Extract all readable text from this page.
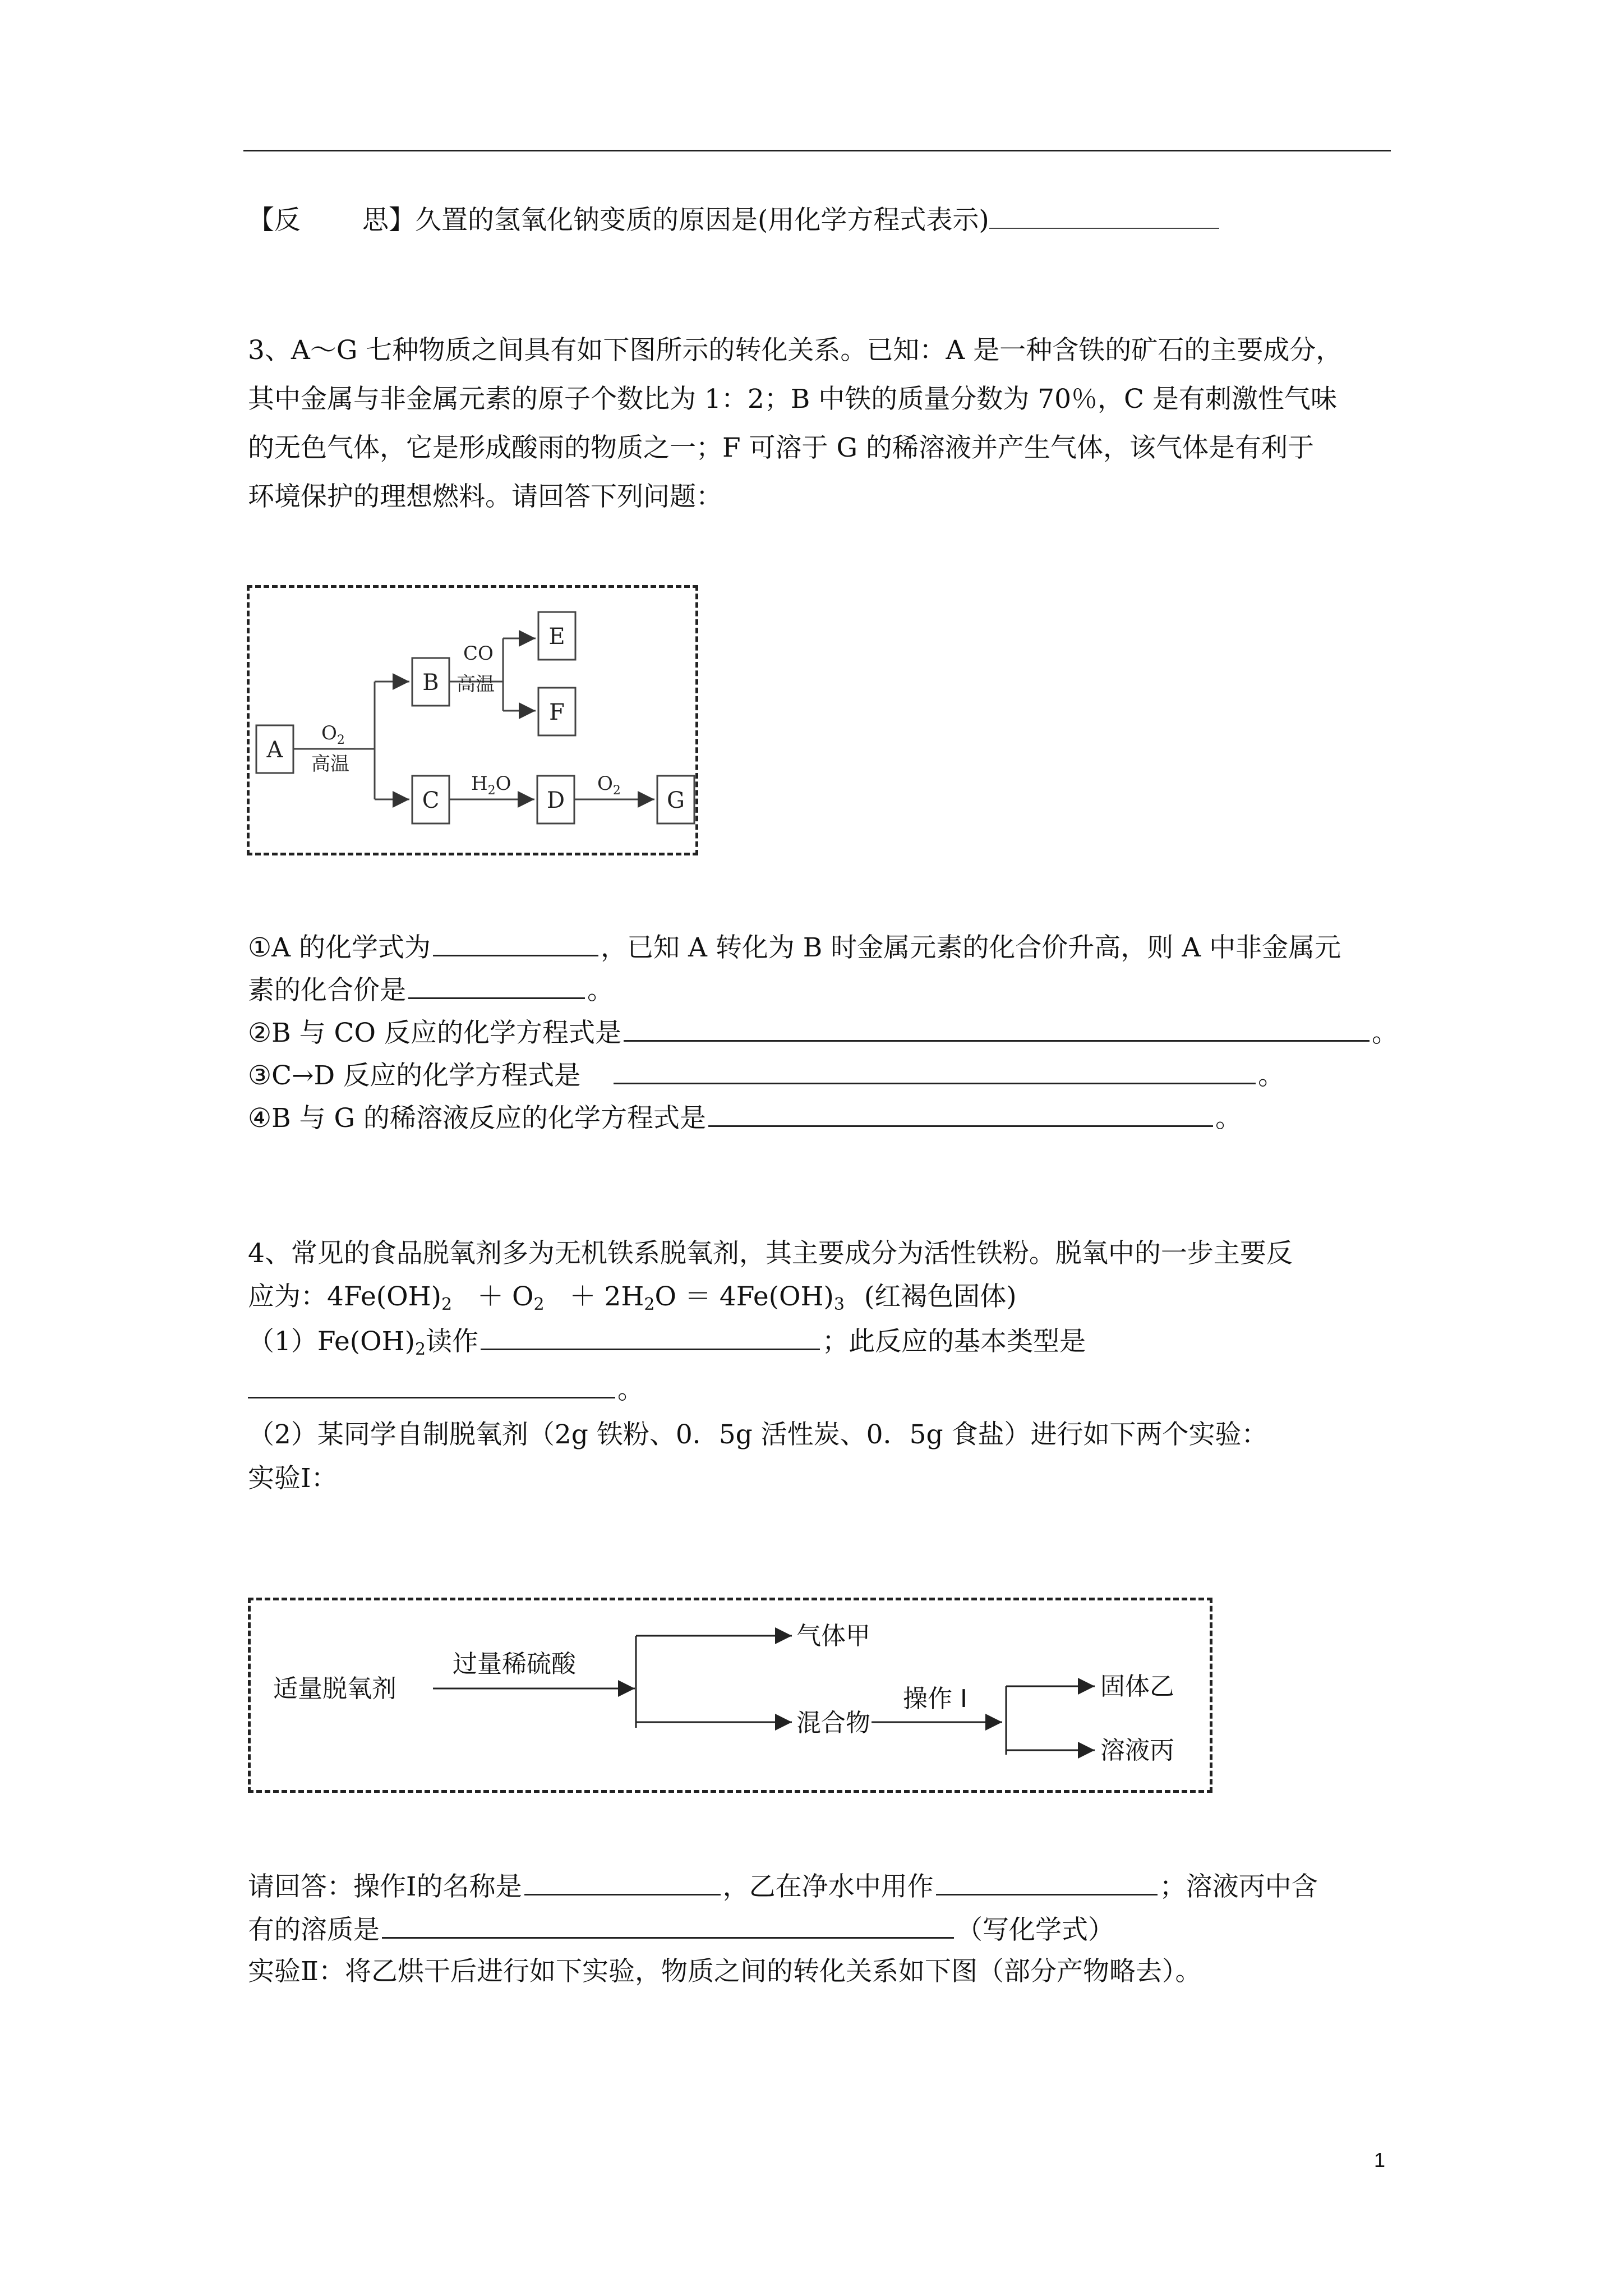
【反 思】久置的氢氧化钠变质的原因是(用化学方程式表示)
3、A～G 七种物质之间具有如下图所示的转化关系。已知：A 是一种含铁的矿石的主要成分，
其中金属与非金属元素的原子个数比为 1：2；B 中铁的质量分数为 70％，C 是有刺激性气味
的无色气体，它是形成酸雨的物质之一；F 可溶于 G 的稀溶液并产生气体，该气体是有利于
环境保护的理想燃料。请回答下列问题：
A
B
C	D
E
F
G
$O_2$
高温
CO
高温
$H_2O$	$O_2$
①A 的化学式为	，已知 A 转化为 B 时金属元素的化合价升高，则 A 中非金属元
素的化合价是	。
②B 与 CO 反应的化学方程式是	。
③C→D 反应的化学方程式是	。
④B 与 G 的稀溶液反应的化学方程式是	。
4、常见的食品脱氧剂多为无机铁系脱氧剂，其主要成分为活性铁粉。脱氧中的一步主要反
应为：$4Fe(OH)_2 + O_2 + 2H_2O = 4Fe(OH)_3$ (红褐色固体)
$(1)Fe(OH)_2$读作	；此反应的基本类型是
。
（2）某同学自制脱氧剂（2g 铁粉、0．5g 活性炭、0．5g 食盐）进行如下两个实验：
实验Ⅰ：
适量脱氧剂
过量稀硫酸
气体甲
混合物
操作 I	固体乙
溶液丙
请回答：操作Ⅰ的名称是	，乙在净水中用作	；溶液丙中含
有的溶质是	（写化学式）
实验Ⅱ：将乙烘干后进行如下实验，物质之间的转化关系如下图（部分产物略去）。
1
